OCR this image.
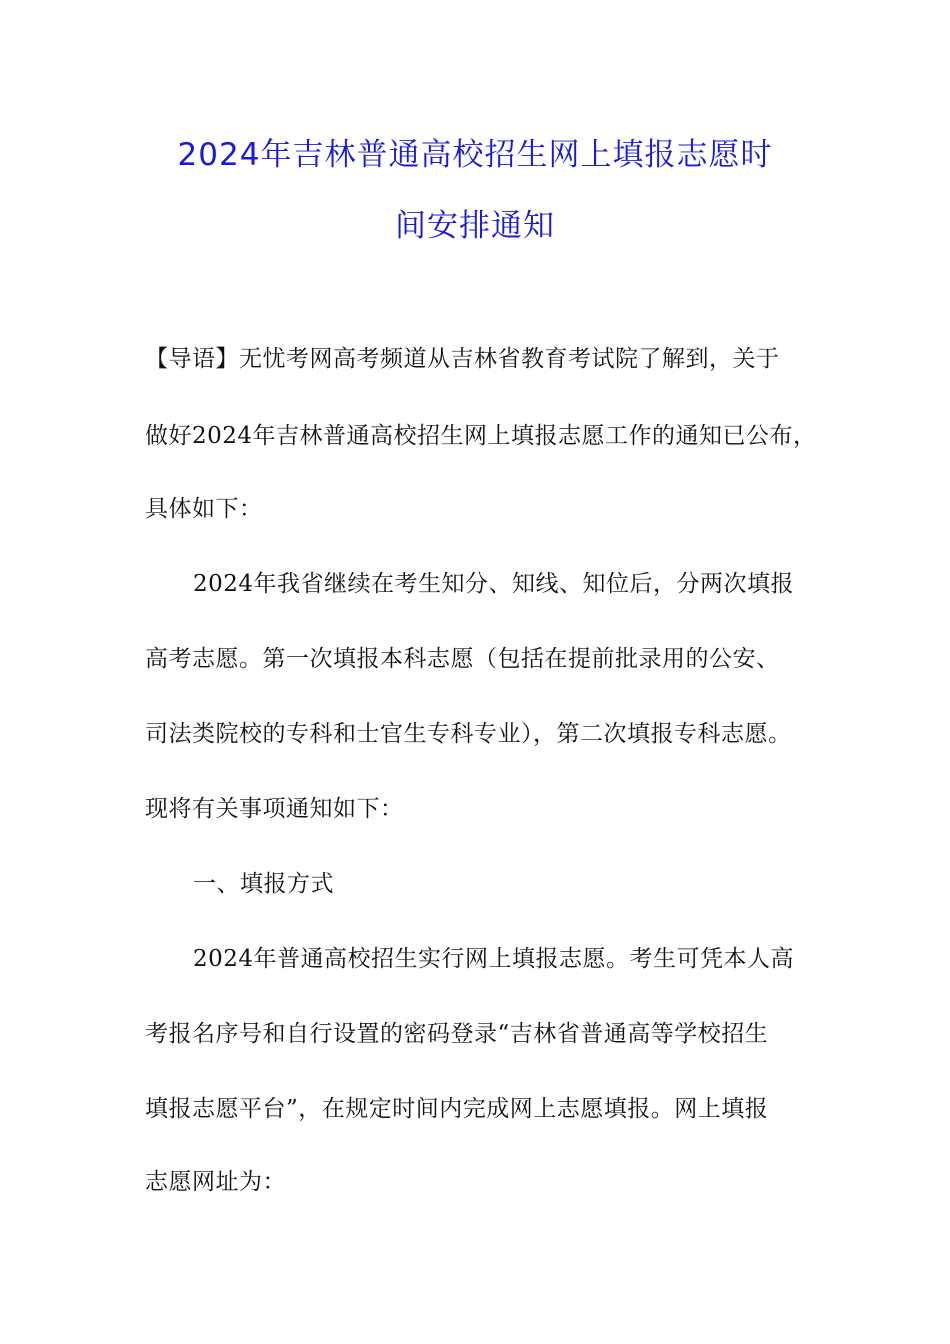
2024年吉林普通高校招生网上填报志愿时
间安排通知
【导语】无忧考网高考频道从吉林省教育考试院了解到，关于
做好2024年吉林普通高校招生网上填报志愿工作的通知已公布，
具体如下：
2024年我省继续在考生知分、知线、知位后，分两次填报
高考志愿。第一次填报本科志愿（包括在提前批录用的公安、
司法类院校的专科和士官生专科专业），第二次填报专科志愿。
现将有关事项通知如下：
一、填报方式
2024年普通高校招生实行网上填报志愿。考生可凭本人高
考报名序号和自行设置的密码登录“吉林省普通高等学校招生
填报志愿平台”，在规定时间内完成网上志愿填报。网上填报
志愿网址为：
